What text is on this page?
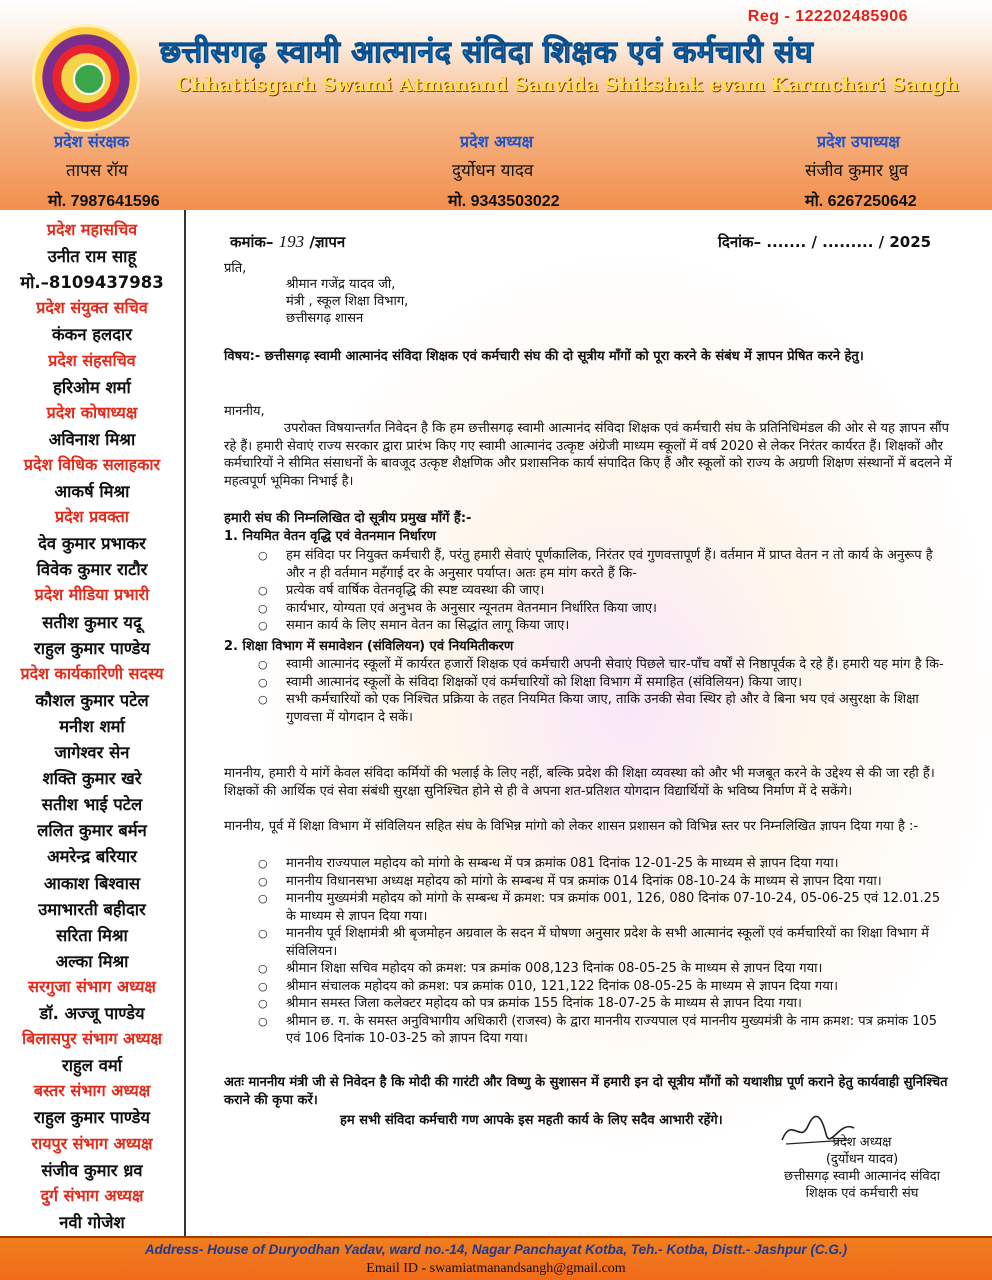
Reg - 122202485906
छत्तीसगढ़ स्वामी आत्मानंद संविदा शिक्षक एवं कर्मचारी संघ
Chhattisgarh Swami Atmanand Sanvida Shikshak evam Karmchari Sangh
प्रदेश संरक्षक
तापस रॉय
मो. 7987641596
प्रदेश अध्यक्ष
दुर्योधन यादव
मो. 9343503022
प्रदेश उपाध्यक्ष
संजीव कुमार ध्रुव
मो. 6267250642
प्रदेश महासचिव
उनीत राम साहू
मो.–8109437983
प्रदेश संयुक्त सचिव
कंकन हलदार
प्रदेश संहसचिव
हरिओम शर्मा
प्रदेश कोषाध्यक्ष
अविनाश मिश्रा
प्रदेश विधिक सलाहकार
आकर्ष मिश्रा
प्रदेश प्रवक्ता
देव कुमार प्रभाकर
विवेक कुमार राटौर
प्रदेश मीडिया प्रभारी
सतीश कुमार यदू
राहुल कुमार पाण्डेय
प्रदेश कार्यकारिणी सदस्य
कौशल कुमार पटेल
मनीश शर्मा
जागेश्वर सेन
शक्ति कुमार खरे
सतीश भाई पटेल
ललित कुमार बर्मन
अमरेन्द्र बरियार
आकाश बिश्वास
उमाभारती बहीदार
सरिता मिश्रा
अल्का मिश्रा
सरगुजा संभाग अध्यक्ष
डॉ. अज्जू पाण्डेय
बिलासपुर संभाग अध्यक्ष
राहुल वर्मा
बस्तर संभाग अध्यक्ष
राहुल कुमार पाण्डेय
रायपुर संभाग अध्यक्ष
संजीव कुमार ध्रव
दुर्ग संभाग अध्यक्ष
नवी गोजेश
कमांक– 193 /ज्ञापन	दिनांक– ....... / ......... / 2025
प्रति,
श्रीमान गजेंद्र यादव जी,
मंत्री , स्कूल शिक्षा विभाग,
छत्तीसगढ़ शासन
विषय:- छत्तीसगढ़ स्वामी आत्मानंद संविदा शिक्षक एवं कर्मचारी संघ की दो सूत्रीय माँगों को पूरा करने के संबंध में ज्ञापन प्रेषित करने हेतु।
माननीय,
उपरोक्त विषयान्तर्गत निवेदन है कि हम छत्तीसगढ़ स्वामी आत्मानंद संविदा शिक्षक एवं कर्मचारी संघ के प्रतिनिधिमंडल की ओर से यह ज्ञापन सौंप रहे हैं। हमारी सेवाएं राज्य सरकार द्वारा प्रारंभ किए गए स्वामी आत्मानंद उत्कृष्ट अंग्रेजी माध्यम स्कूलों में वर्ष 2020 से लेकर निरंतर कार्यरत हैं। शिक्षकों और कर्मचारियों ने सीमित संसाधनों के बावजूद उत्कृष्ट शैक्षणिक और प्रशासनिक कार्य संपादित किए हैं और स्कूलों को राज्य के अग्रणी शिक्षण संस्थानों में बदलने में महत्वपूर्ण भूमिका निभाई है।
हमारी संघ की निम्नलिखित दो सूत्रीय प्रमुख माँगें हैं:-
1. नियमित वेतन वृद्धि एवं वेतनमान निर्धारण
○ हम संविदा पर नियुक्त कर्मचारी हैं, परंतु हमारी सेवाएं पूर्णकालिक, निरंतर एवं गुणवत्तापूर्ण हैं। वर्तमान में प्राप्त वेतन न तो कार्य के अनुरूप है और न ही वर्तमान महँगाई दर के अनुसार पर्याप्त। अतः हम मांग करते हैं कि-
○ प्रत्येक वर्ष वार्षिक वेतनवृद्धि की स्पष्ट व्यवस्था की जाए।
○ कार्यभार, योग्यता एवं अनुभव के अनुसार न्यूनतम वेतनमान निर्धारित किया जाए।
○ समान कार्य के लिए समान वेतन का सिद्धांत लागू किया जाए।
2. शिक्षा विभाग में समावेशन (संविलियन) एवं नियमितीकरण
○ स्वामी आत्मानंद स्कूलों में कार्यरत हजारों शिक्षक एवं कर्मचारी अपनी सेवाएं पिछले चार-पाँच वर्षों से निष्ठापूर्वक दे रहे हैं। हमारी यह मांग है कि-
○ स्वामी आत्मानंद स्कूलों के संविदा शिक्षकों एवं कर्मचारियों को शिक्षा विभाग में समाहित (संविलियन) किया जाए।
○ सभी कर्मचारियों को एक निश्चित प्रक्रिया के तहत नियमित किया जाए, ताकि उनकी सेवा स्थिर हो और वे बिना भय एवं असुरक्षा के शिक्षा गुणवत्ता में योगदान दे सकें।
माननीय, हमारी ये मांगें केवल संविदा कर्मियों की भलाई के लिए नहीं, बल्कि प्रदेश की शिक्षा व्यवस्था को और भी मजबूत करने के उद्देश्य से की जा रही हैं। शिक्षकों की आर्थिक एवं सेवा संबंधी सुरक्षा सुनिश्चित होने से ही वे अपना शत-प्रतिशत योगदान विद्यार्थियों के भविष्य निर्माण में दे सकेंगे।
माननीय, पूर्व में शिक्षा विभाग में संविलियन सहित संघ के विभिन्न मांगो को लेकर शासन प्रशासन को विभिन्न स्तर पर निम्नलिखित ज्ञापन दिया गया है :-
○ माननीय राज्यपाल महोदय को मांगो के सम्बन्ध में पत्र क्रमांक 081 दिनांक 12-01-25 के माध्यम से ज्ञापन दिया गया।
○ माननीय विधानसभा अध्यक्ष महोदय को मांगो के सम्बन्ध में पत्र क्रमांक 014 दिनांक 08-10-24 के माध्यम से ज्ञापन दिया गया।
○ माननीय मुख्यमंत्री महोदय को मांगो के सम्बन्ध में क्रमश: पत्र क्रमांक 001, 126, 080 दिनांक 07-10-24, 05-06-25 एवं 12.01.25 के माध्यम से ज्ञापन दिया गया।
○ माननीय पूर्व शिक्षामंत्री श्री बृजमोहन अग्रवाल के सदन में घोषणा अनुसार प्रदेश के सभी आत्मानंद स्कूलों एवं कर्मचारियों का शिक्षा विभाग में संविलियन।
○ श्रीमान शिक्षा सचिव महोदय को क्रमश: पत्र क्रमांक 008,123 दिनांक 08-05-25 के माध्यम से ज्ञापन दिया गया।
○ श्रीमान संचालक महोदय को क्रमश: पत्र क्रमांक 010, 121,122 दिनांक 08-05-25 के माध्यम से ज्ञापन दिया गया।
○ श्रीमान समस्त जिला कलेक्टर महोदय को पत्र क्रमांक 155 दिनांक 18-07-25 के माध्यम से ज्ञापन दिया गया।
○ श्रीमान छ. ग. के समस्त अनुविभागीय अधिकारी (राजस्व) के द्वारा माननीय राज्यपाल एवं माननीय मुख्यमंत्री के नाम क्रमश: पत्र क्रमांक 105 एवं 106 दिनांक 10-03-25 को ज्ञापन दिया गया।
अतः माननीय मंत्री जी से निवेदन है कि मोदी की गारंटी और विष्णु के सुशासन में हमारी इन दो सूत्रीय माँगों को यथाशीघ्र पूर्ण कराने हेतु कार्यवाही सुनिश्चित कराने की कृपा करें।
हम सभी संविदा कर्मचारी गण आपके इस महती कार्य के लिए सदैव आभारी रहेंगे।
प्रदेश अध्यक्ष
(दुर्योधन यादव)
छत्तीसगढ़ स्वामी आत्मानंद संविदा
शिक्षक एवं कर्मचारी संघ
Address- House of Duryodhan Yadav, ward no.-14, Nagar Panchayat Kotba, Teh.- Kotba, Distt.- Jashpur (C.G.)
Email ID - swamiatmanandsangh@gmail.com
